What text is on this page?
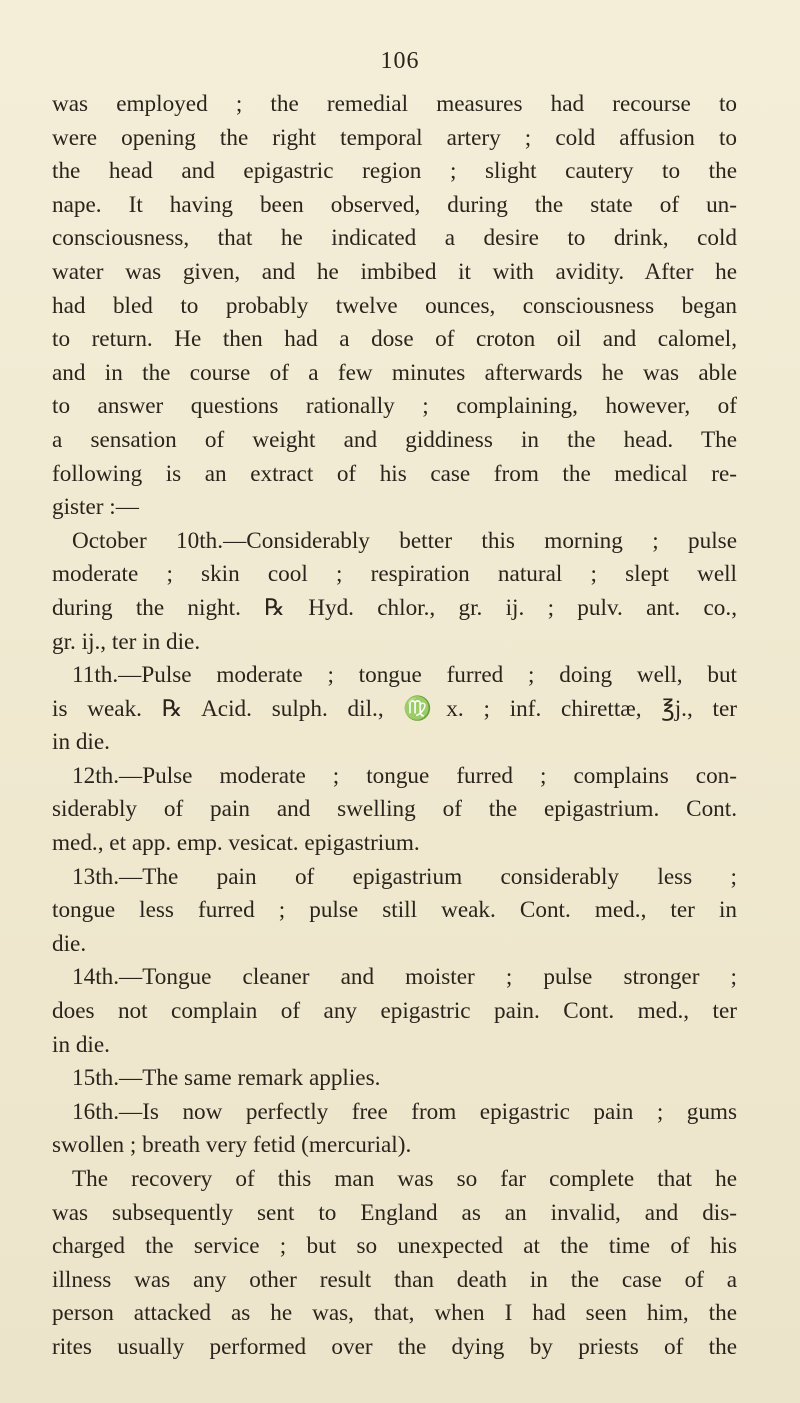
106
was employed ; the remedial measures had recourse to
were opening the right temporal artery ; cold affusion to
the head and epigastric region ; slight cautery to the
nape. It having been observed, during the state of un-
consciousness, that he indicated a desire to drink, cold
water was given, and he imbibed it with avidity. After he
had bled to probably twelve ounces, consciousness began
to return. He then had a dose of croton oil and calomel,
and in the course of a few minutes afterwards he was able
to answer questions rationally ; complaining, however, of
a sensation of weight and giddiness in the head. The
following is an extract of his case from the medical re-
gister :—
October 10th.—Considerably better this morning ; pulse
moderate ; skin cool ; respiration natural ; slept well
during the night. ℞ Hyd. chlor., gr. ij. ; pulv. ant. co.,
gr. ij., ter in die.
11th.—Pulse moderate ; tongue furred ; doing well, but
is weak. ℞ Acid. sulph. dil., ♍x. ; inf. chirettæ, ℥j., ter
in die.
12th.—Pulse moderate ; tongue furred ; complains con-
siderably of pain and swelling of the epigastrium. Cont.
med., et app. emp. vesicat. epigastrium.
13th.—The pain of epigastrium considerably less ;
tongue less furred ; pulse still weak. Cont. med., ter in
die.
14th.—Tongue cleaner and moister ; pulse stronger ;
does not complain of any epigastric pain. Cont. med., ter
in die.
15th.—The same remark applies.
16th.—Is now perfectly free from epigastric pain ; gums
swollen ; breath very fetid (mercurial).
The recovery of this man was so far complete that he
was subsequently sent to England as an invalid, and dis-
charged the service ; but so unexpected at the time of his
illness was any other result than death in the case of a
person attacked as he was, that, when I had seen him, the
rites usually performed over the dying by priests of the
